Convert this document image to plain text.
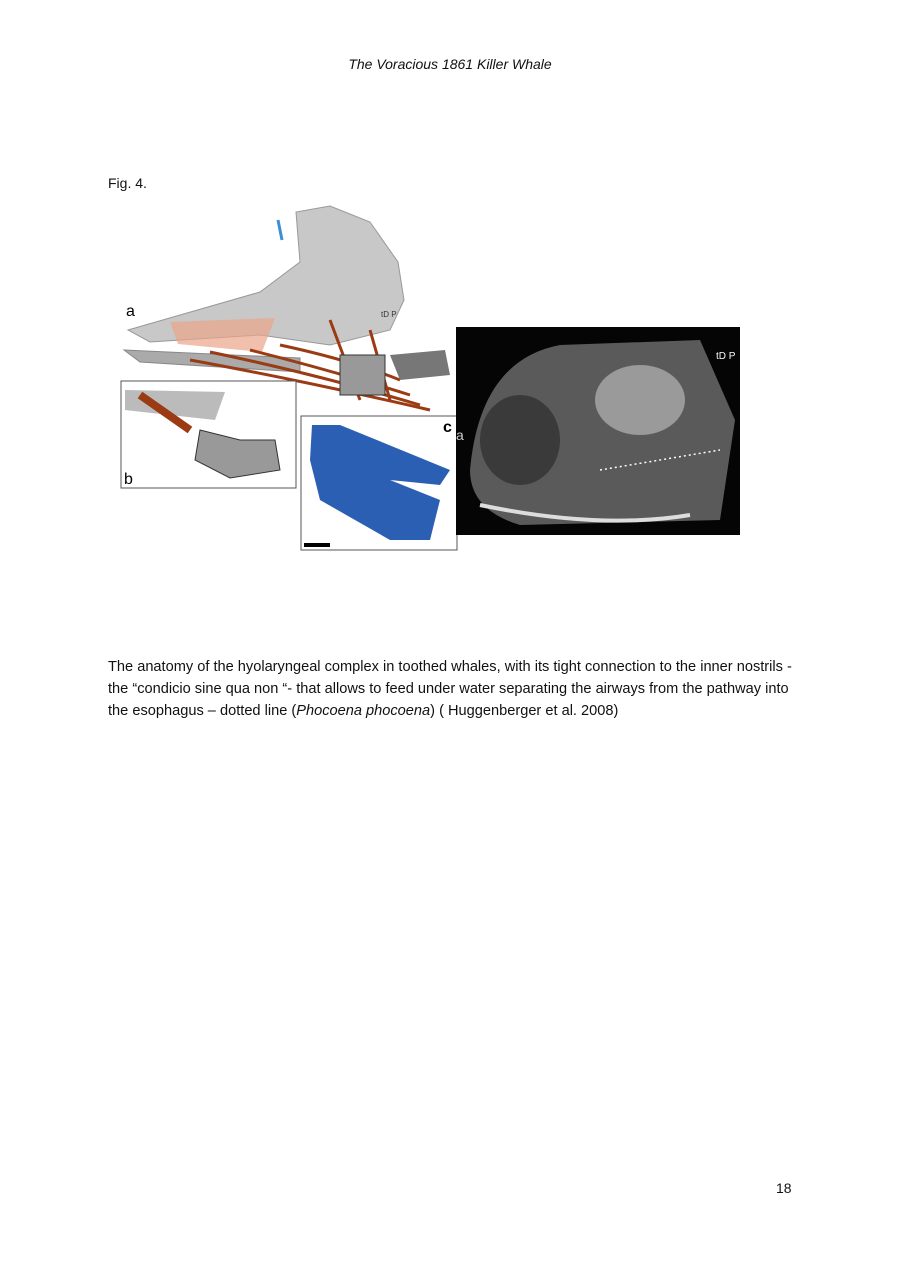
The Voracious 1861 Killer Whale
Fig. 4.
a	tD P
b
c a
tD P
The anatomy of the hyolaryngeal complex in toothed whales, with its tight connection to the inner nostrils - the “condicio sine qua non “- that allows to feed under water separating the airways from the pathway into the esophagus – dotted line (Phocoena phocoena) ( Huggenberger et al. 2008)
18
